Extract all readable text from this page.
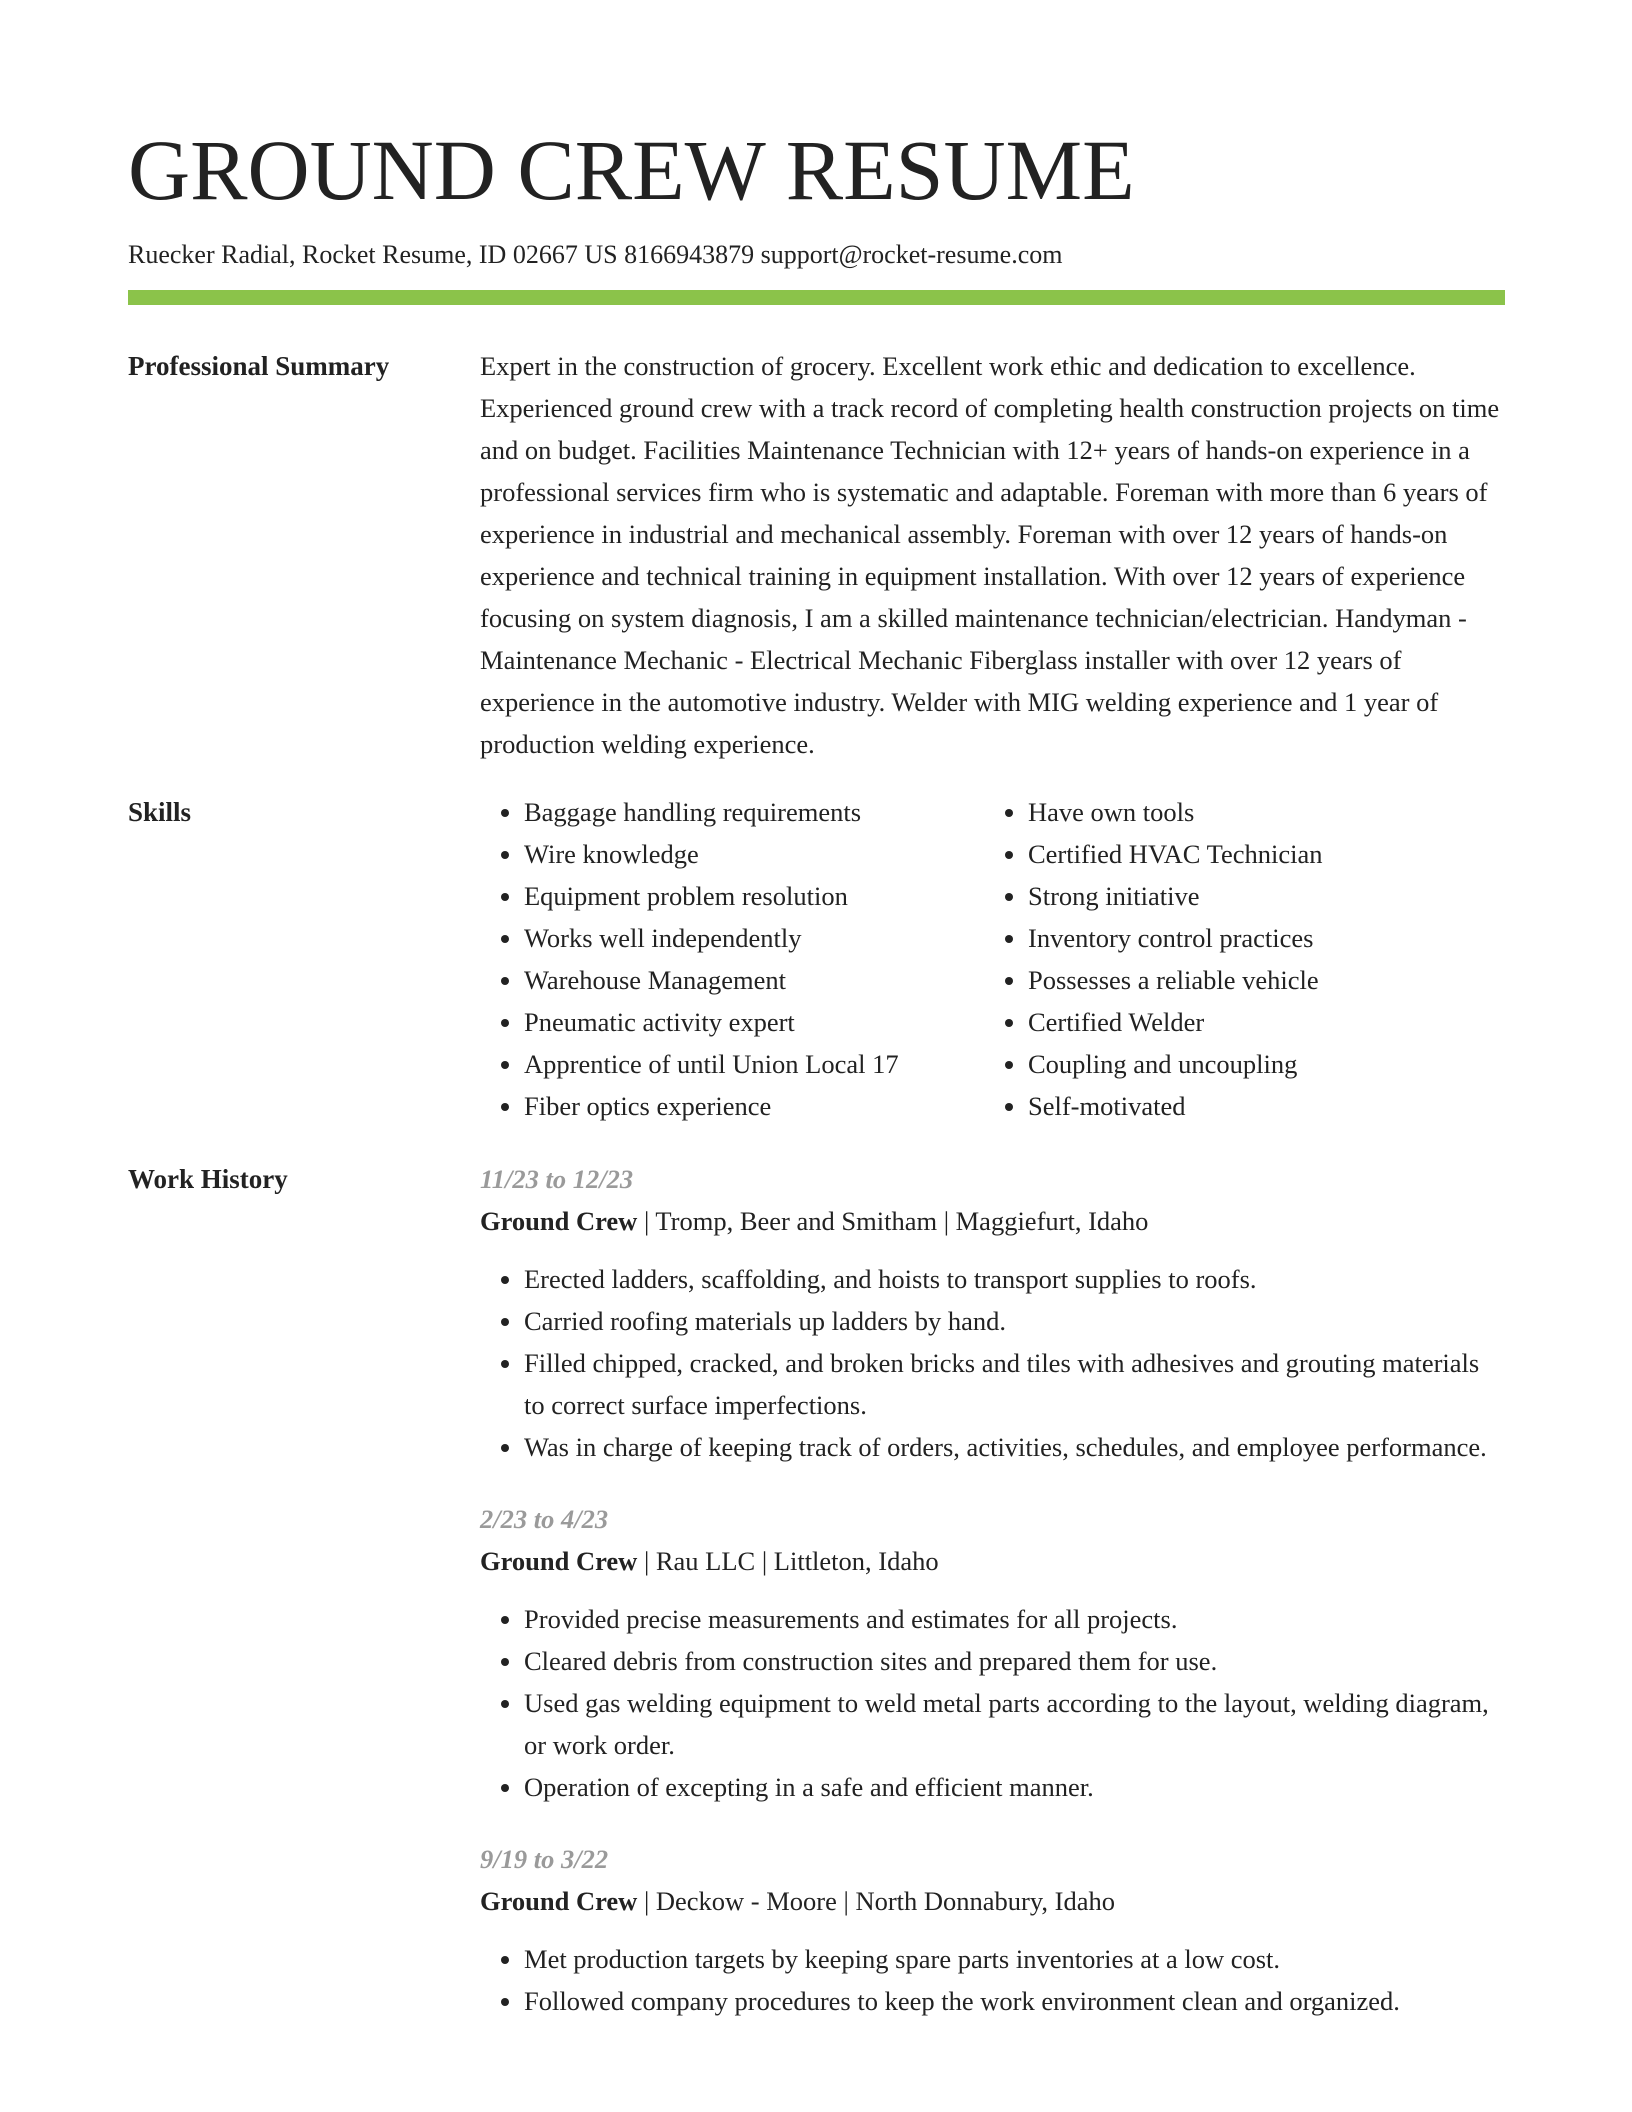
GROUND CREW RESUME
Ruecker Radial, Rocket Resume, ID 02667 US 8166943879 support@rocket-resume.com
Professional Summary	Expert in the construction of grocery. Excellent work ethic and dedication to excellence. Experienced ground crew with a track record of completing health construction projects on time and on budget. Facilities Maintenance Technician with 12+ years of hands-on experience in a professional services firm who is systematic and adaptable. Foreman with more than 6 years of experience in industrial and mechanical assembly. Foreman with over 12 years of hands-on experience and technical training in equipment installation. With over 12 years of experience focusing on system diagnosis, I am a skilled maintenance technician/electrician. Handyman - Maintenance Mechanic - Electrical Mechanic Fiberglass installer with over 12 years of experience in the automotive industry. Welder with MIG welding experience and 1 year of production welding experience.

Skills
•	Baggage handling requirements
• Wire knowledge
• Equipment problem resolution
• Works well independently
• Warehouse Management
• Pneumatic activity expert
• Apprentice of until Union Local 17
• Fiber optics experience
• Have own tools
• Certified HVAC Technician
• Strong initiative
• Inventory control practices
• Possesses a reliable vehicle
• Certified Welder
• Coupling and uncoupling
• Self-motivated
Work History	11/23 to 12/23
Ground Crew | Tromp, Beer and Smitham | Maggiefurt, Idaho
• Erected ladders, scaffolding, and hoists to transport supplies to roofs.
• Carried roofing materials up ladders by hand.
• Filled chipped, cracked, and broken bricks and tiles with adhesives and grouting materials to correct surface imperfections.
• Was in charge of keeping track of orders, activities, schedules, and employee performance.
2/23 to 4/23
Ground Crew | Rau LLC | Littleton, Idaho
• Provided precise measurements and estimates for all projects.
• Cleared debris from construction sites and prepared them for use.
• Used gas welding equipment to weld metal parts according to the layout, welding diagram, or work order.
• Operation of excepting in a safe and efficient manner.
9/19 to 3/22
Ground Crew | Deckow - Moore | North Donnabury, Idaho
• Met production targets by keeping spare parts inventories at a low cost.
• Followed company procedures to keep the work environment clean and organized.
